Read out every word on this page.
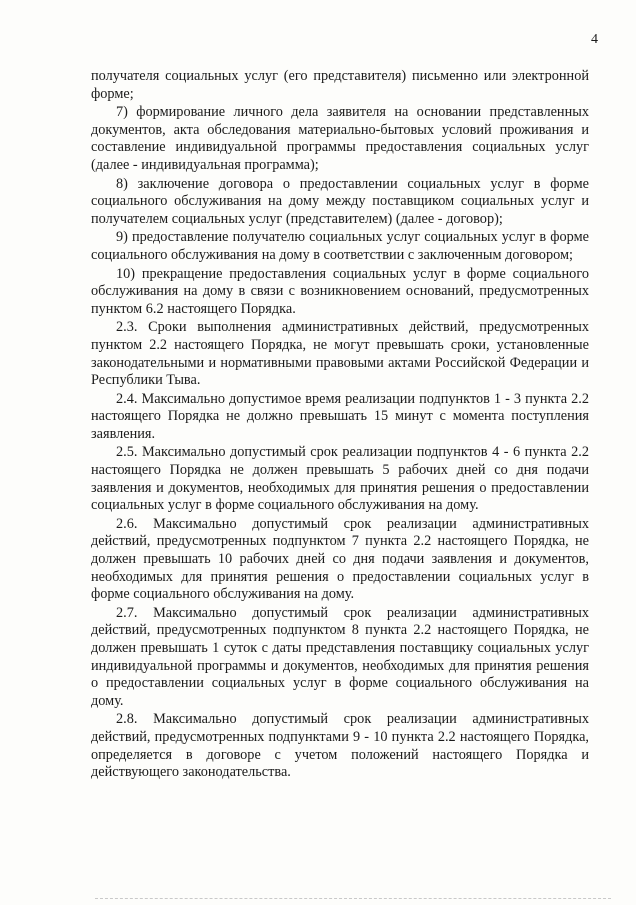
4

получателя социальных услуг (его представителя) письменно или электронной форме;

7) формирование личного дела заявителя на основании представленных документов, акта обследования материально-бытовых условий проживания и составление индивидуальной программы предоставления социальных услуг (далее - индивидуальная программа);

8) заключение договора о предоставлении социальных услуг в форме социального обслуживания на дому между поставщиком социальных услуг и получателем социальных услуг (представителем) (далее - договор);

9) предоставление получателю социальных услуг социальных услуг в форме социального обслуживания на дому в соответствии с заключенным договором;

10) прекращение предоставления социальных услуг в форме социального обслуживания на дому в связи с возникновением оснований, предусмотренных пунктом 6.2 настоящего Порядка.

2.3. Сроки выполнения административных действий, предусмотренных пунктом 2.2 настоящего Порядка, не могут превышать сроки, установленные законодательными и нормативными правовыми актами Российской Федерации и Республики Тыва.

2.4. Максимально допустимое время реализации подпунктов 1 - 3 пункта 2.2 настоящего Порядка не должно превышать 15 минут с момента поступления заявления.

2.5. Максимально допустимый срок реализации подпунктов 4 - 6 пункта 2.2 настоящего Порядка не должен превышать 5 рабочих дней со дня подачи заявления и документов, необходимых для принятия решения о предоставлении социальных услуг в форме социального обслуживания на дому.

2.6. Максимально допустимый срок реализации административных действий, предусмотренных подпунктом 7 пункта 2.2 настоящего Порядка, не должен превышать 10 рабочих дней со дня подачи заявления и документов, необходимых для принятия решения о предоставлении социальных услуг в форме социального обслуживания на дому.

2.7. Максимально допустимый срок реализации административных действий, предусмотренных подпунктом 8 пункта 2.2 настоящего Порядка, не должен превышать 1 суток с даты представления поставщику социальных услуг индивидуальной программы и документов, необходимых для принятия решения о предоставлении социальных услуг в форме социального обслуживания на дому.

2.8. Максимально допустимый срок реализации административных действий, предусмотренных подпунктами 9 - 10 пункта 2.2 настоящего Порядка, определяется в договоре с учетом положений настоящего Порядка и действующего законодательства.
